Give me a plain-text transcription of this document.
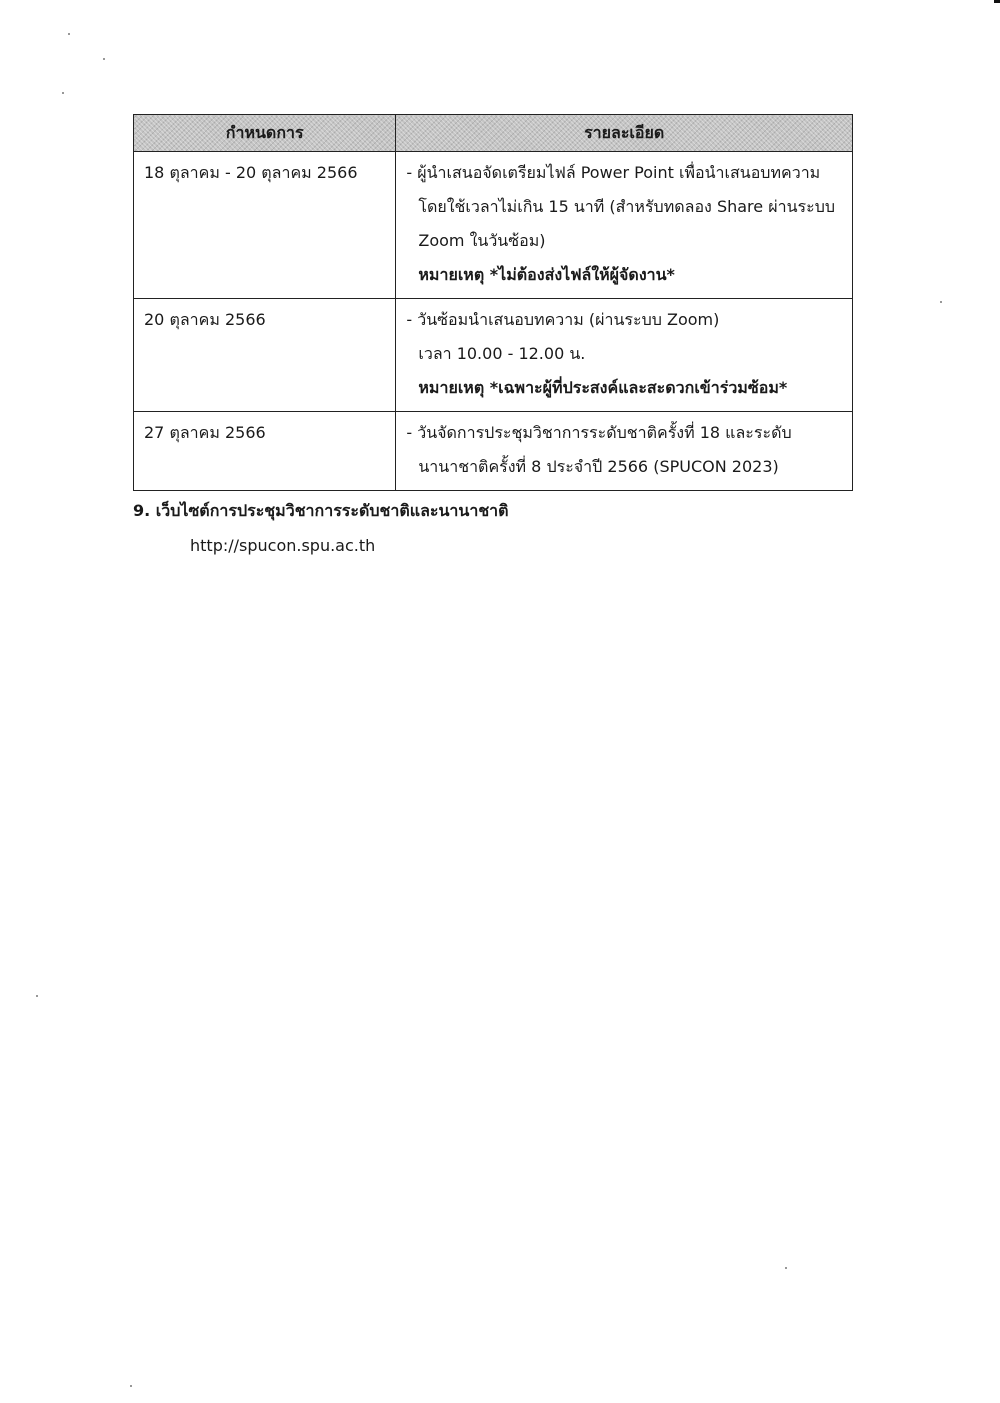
กำหนดการ	รายละเอียด
18 ตุลาคม - 20 ตุลาคม 2566	- ผู้นำเสนอจัดเตรียมไฟล์ Power Point เพื่อนำเสนอบทความ
โดยใช้เวลาไม่เกิน 15 นาที (สำหรับทดลอง Share ผ่านระบบ
Zoom ในวันซ้อม)
หมายเหตุ *ไม่ต้องส่งไฟล์ให้ผู้จัดงาน*

20 ตุลาคม 2566	- วันซ้อมนำเสนอบทความ (ผ่านระบบ Zoom)
เวลา 10.00 - 12.00 น.
หมายเหตุ *เฉพาะผู้ที่ประสงค์และสะดวกเข้าร่วมซ้อม*

27 ตุลาคม 2566	- วันจัดการประชุมวิชาการระดับชาติครั้งที่ 18 และระดับ
นานาชาติครั้งที่ 8 ประจำปี 2566 (SPUCON 2023)
9. เว็บไซต์การประชุมวิชาการระดับชาติและนานาชาติ
http://spucon.spu.ac.th
